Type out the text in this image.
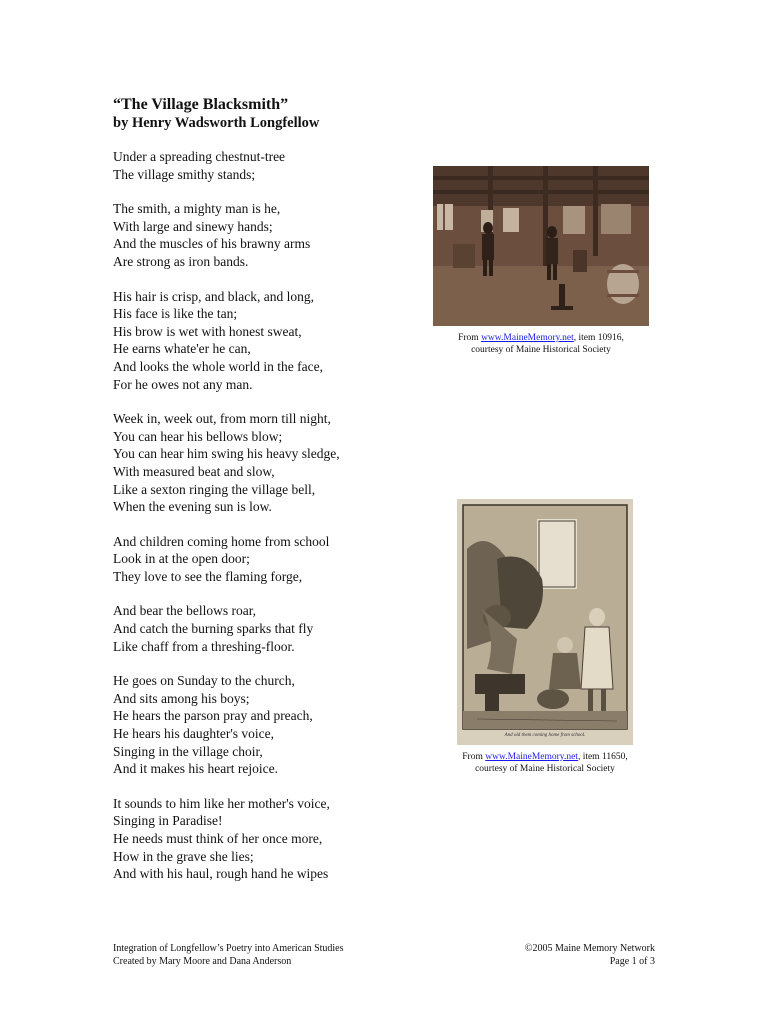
“The Village Blacksmith”
by Henry Wadsworth Longfellow
Under a spreading chestnut-tree
The village smithy stands;
The smith, a mighty man is he,
With large and sinewy hands;
And the muscles of his brawny arms
Are strong as iron bands.
His hair is crisp, and black, and long,
His face is like the tan;
His brow is wet with honest sweat,
He earns whate'er he can,
And looks the whole world in the face,
For he owes not any man.
Week in, week out, from morn till night,
You can hear his bellows blow;
You can hear him swing his heavy sledge,
With measured beat and slow,
Like a sexton ringing the village bell,
When the evening sun is low.
And children coming home from school
Look in at the open door;
They love to see the flaming forge,
And bear the bellows roar,
And catch the burning sparks that fly
Like chaff from a threshing-floor.
He goes on Sunday to the church,
And sits among his boys;
He hears the parson pray and preach,
He hears his daughter's voice,
Singing in the village choir,
And it makes his heart rejoice.
It sounds to him like her mother's voice,
Singing in Paradise!
He needs must think of her once more,
How in the grave she lies;
And with his haul, rough hand he wipes
From www.MaineMemory.net, item 10916,
courtesy of Maine Historical Society
And old them coming home from school.
From www.MaineMemory.net, item 11650,
courtesy of Maine Historical Society
Integration of Longfellow’s Poetry into American Studies
Created by Mary Moore and Dana Anderson
©2005 Maine Memory Network
Page 1 of 3
